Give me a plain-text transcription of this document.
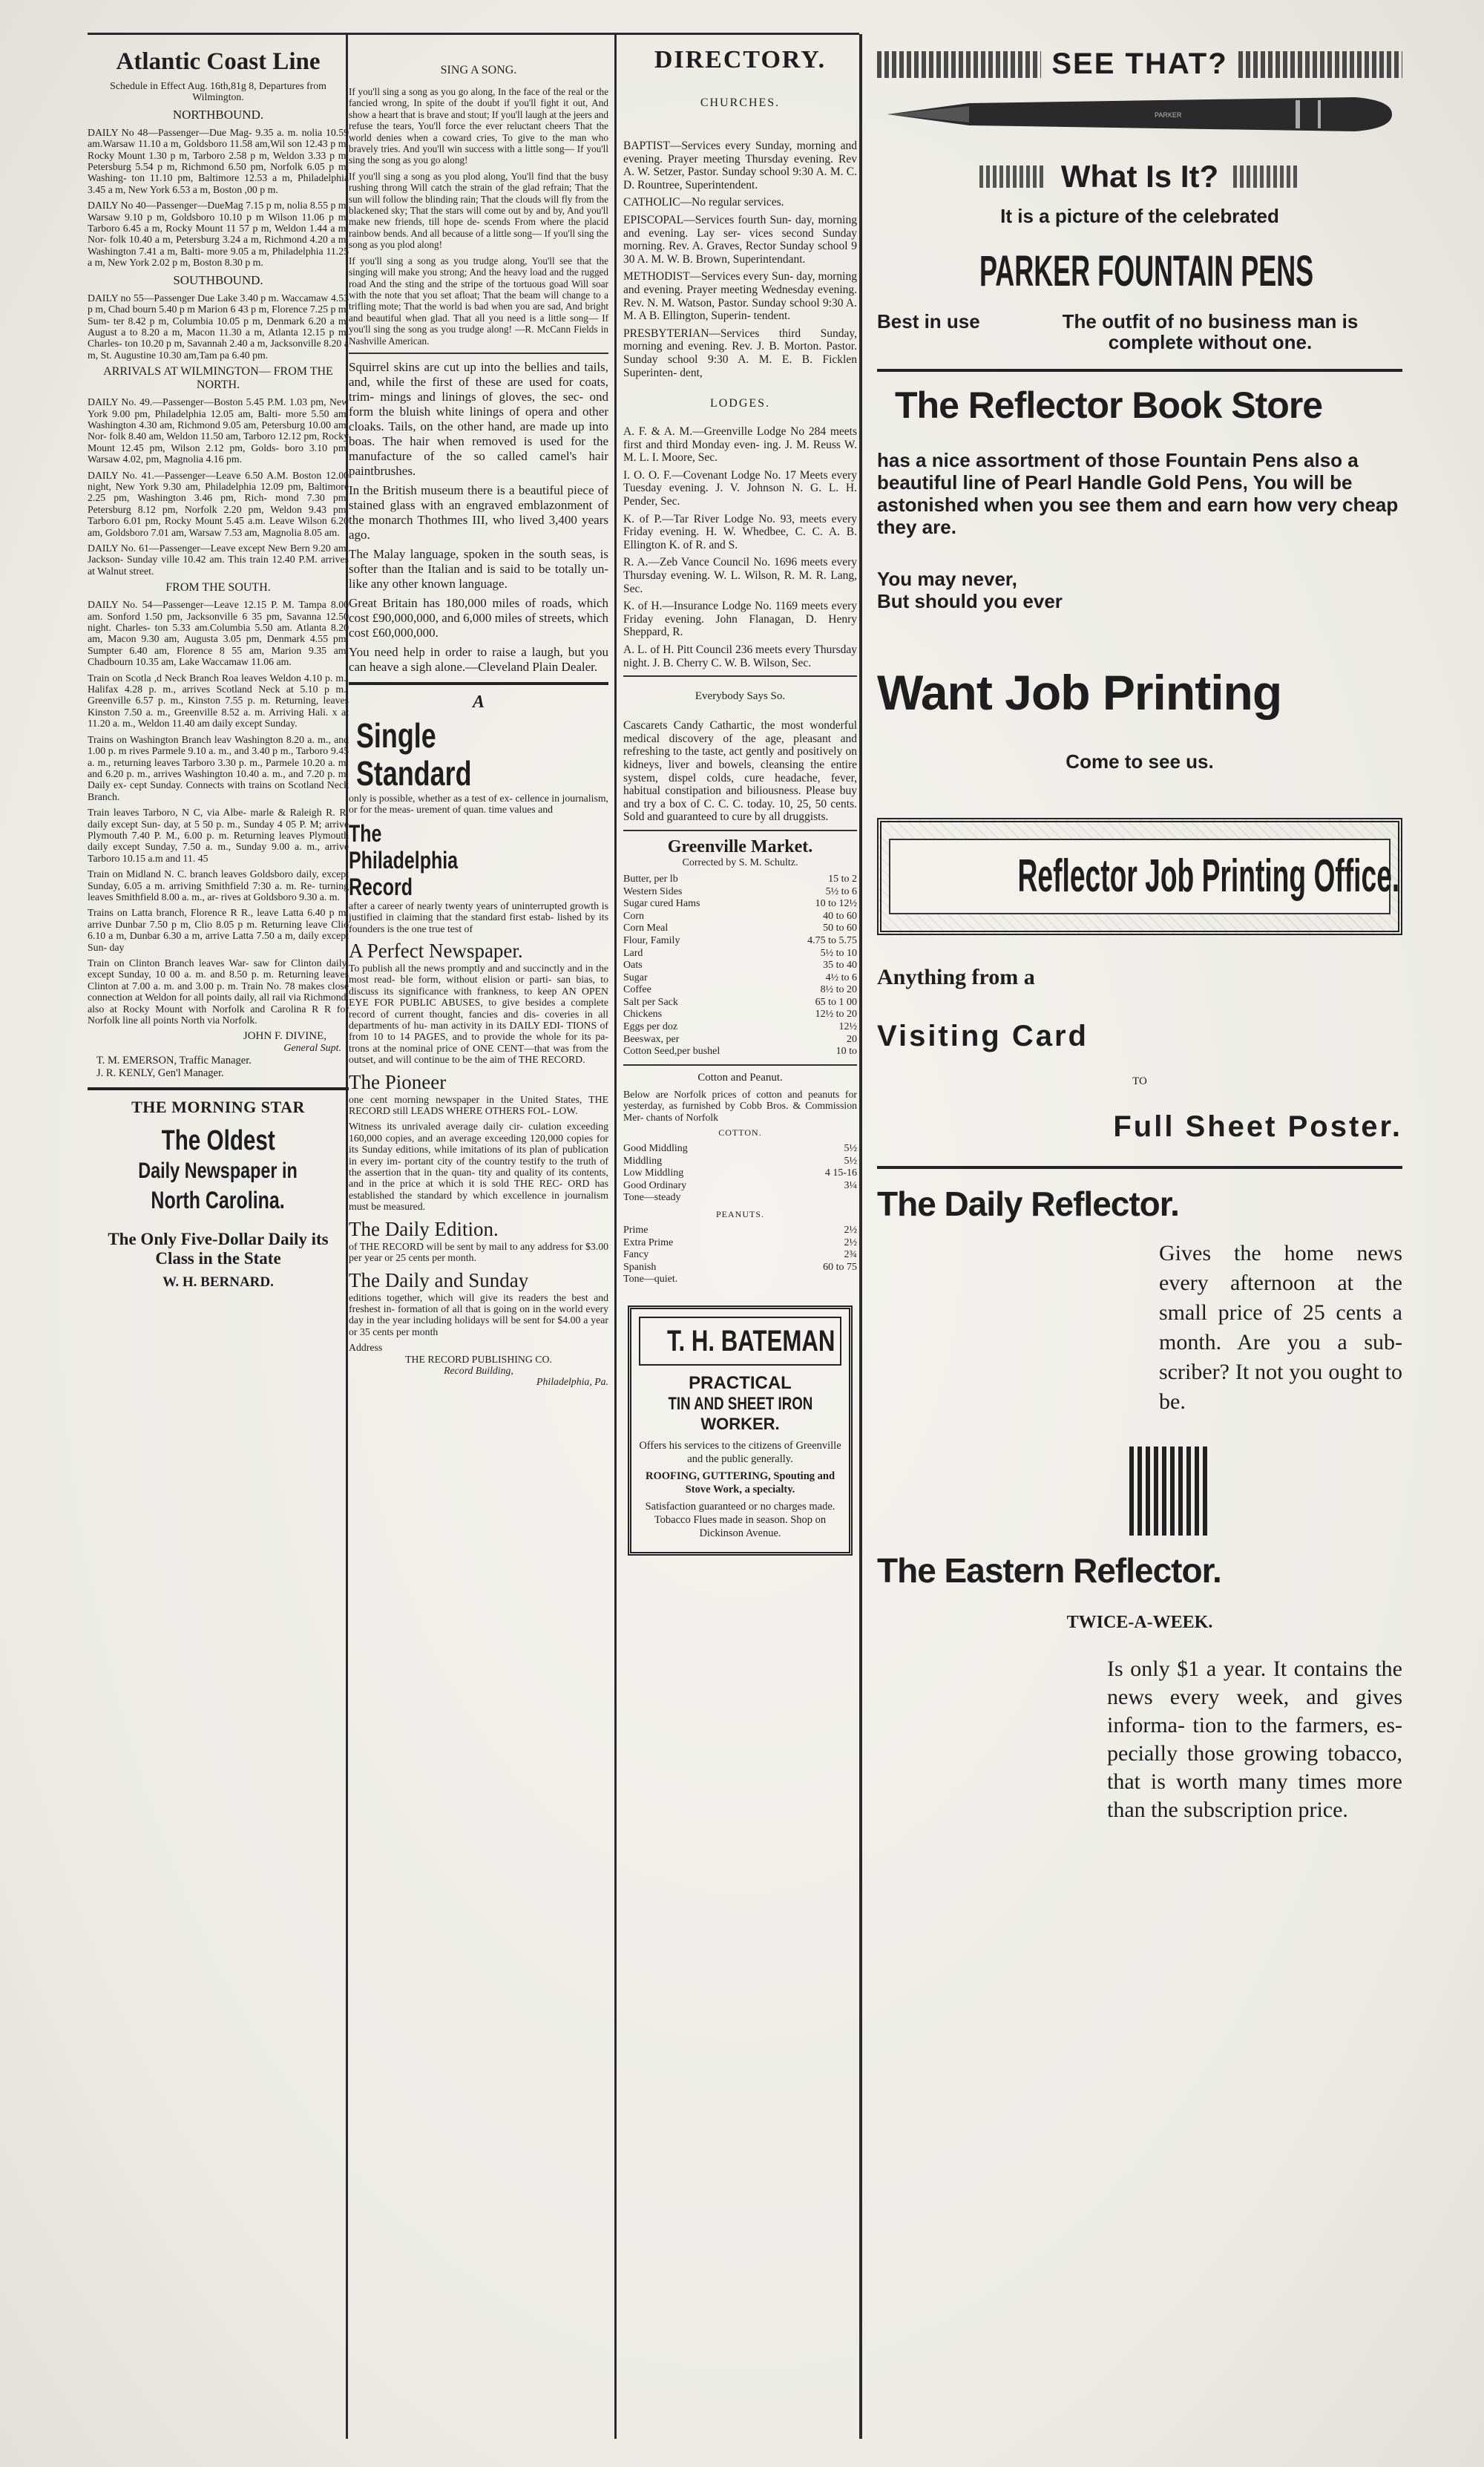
Atlantic Coast Line

Schedule in Effect Aug. 16th,81g 8, Departures from Wilmington.

NORTHBOUND.

DAILY No 48—Passenger—Due Mag- 9.35 a. m. nolia 10.59 am.Warsaw 11.10 a m, Goldsboro 11.58 am,Wil son 12.43 p m, Rocky Mount 1.30 p m, Tarboro 2.58 p m, Weldon 3.33 p m, Petersburg 5.54 p m, Richmond 6.50 pm, Norfolk 6.05 p m, Washing- ton 11.10 pm, Baltimore 12.53 a m, Philadelphia 3.45 a m, New York 6.53 a m, Boston ,00 p m.

DAILY No 40—Passenger—DueMag 7.15 p m, nolia 8.55 p m, Warsaw 9.10 p m, Goldsboro 10.10 p m Wilson 11.06 p m. Tarboro 6.45 a m, Rocky Mount 11 57 p m, Weldon 1.44 a m, Nor- folk 10.40 a m, Petersburg 3.24 a m, Richmond 4.20 a m, Washington 7.41 a m, Balti- more 9.05 a m, Philadelphia 11.25 a m, New York 2.02 p m, Boston 8.30 p m.

SOUTHBOUND.

DAILY no 55—Passenger Due Lake 3.40 p m. Waccamaw 4.53 p m, Chad bourn 5.40 p m Marion 6 43 p m, Florence 7.25 p m, Sum- ter 8.42 p m, Columbia 10.05 p m, Denmark 6.20 a m, August a to 8.20 a m, Macon 11.30 a m, Atlanta 12.15 p m, Charles- ton 10.20 p m, Savannah 2.40 a m, Jacksonville 8.20 a m, St. Augustine 10.30 am,Tam pa 6.40 pm.

ARRIVALS AT WILMINGTON— FROM THE NORTH.

DAILY No. 49.—Passenger—Boston 5.45 P.M. 1.03 pm, New York 9.00 pm, Philadelphia 12.05 am, Balti- more 5.50 am, Washington 4.30 am, Richmond 9.05 am, Petersburg 10.00 am, Nor- folk 8.40 am, Weldon 11.50 am, Tarboro 12.12 pm, Rocky Mount 12.45 pm, Wilson 2.12 pm, Golds- boro 3.10 pm, Warsaw 4.02, pm, Magnolia 4.16 pm.

DAILY No. 41.—Passenger—Leave 6.50 A.M. Boston 12.00 night, New York 9.30 am, Philadelphia 12.09 pm, Baltimore 2.25 pm, Washington 3.46 pm, Rich- mond 7.30 pm, Petersburg 8.12 pm, Norfolk 2.20 pm, Weldon 9.43 pm, Tarboro 6.01 pm, Rocky Mount 5.45 a.m. Leave Wilson 6.20 am, Goldsboro 7.01 am, Warsaw 7.53 am, Magnolia 8.05 am.

DAILY No. 61—Passenger—Leave except New Bern 9.20 am. Jackson- Sunday ville 10.42 am. This train 12.40 P.M. arrives at Walnut street.

FROM THE SOUTH.

DAILY No. 54—Passenger—Leave 12.15 P. M. Tampa 8.00 am. Sonford 1.50 pm, Jacksonville 6 35 pm, Savanna 12.50 night. Charles- ton 5.33 am.Columbia 5.50 am. Atlanta 8.20 am, Macon 9.30 am, Augusta 3.05 pm, Denmark 4.55 pm, Sumpter 6.40 am, Florence 8 55 am, Marion 9.35 am, Chadbourn 10.35 am, Lake Waccamaw 11.06 am.

Train on Scotla ,d Neck Branch Roa leaves Weldon 4.10 p. m., Halifax 4.28 p. m., arrives Scotland Neck at 5.10 p m., Greenville 6.57 p. m., Kinston 7.55 p. m. Returning, leaves Kinston 7.50 a. m., Greenville 8.52 a. m. Arriving Hali. x at 11.20 a. m., Weldon 11.40 am daily except Sunday.

Trains on Washington Branch leav Washington 8.20 a. m., and 1.00 p. m rives Parmele 9.10 a. m., and 3.40 p m., Tarboro 9.45 a. m., returning leaves Tarboro 3.30 p. m., Parmele 10.20 a. m. and 6.20 p. m., arrives Washington 10.40 a. m., and 7.20 p. m. Daily ex- cept Sunday. Connects with trains on Scotland Neck Branch.

Train leaves Tarboro, N C, via Albe- marle & Raleigh R. R. daily except Sun- day, at 5 50 p. m., Sunday 4 05 P. M; arrive Plymouth 7.40 P. M., 6.00 p. m. Returning leaves Plymouth daily except Sunday, 7.50 a. m., Sunday 9.00 a. m., arrive Tarboro 10.15 a.m and 11. 45

Train on Midland N. C. branch leaves Goldsboro daily, except Sunday, 6.05 a m. arriving Smithfield 7:30 a. m. Re- turning leaves Smithfield 8.00 a. m., ar- rives at Goldsboro 9.30 a. m.

Trains on Latta branch, Florence R R., leave Latta 6.40 p m. arrive Dunbar 7.50 p m, Clio 8.05 p m. Returning leave Clio 6.10 a m, Dunbar 6.30 a m, arrive Latta 7.50 a m, daily except Sun- day

Train on Clinton Branch leaves War- saw for Clinton daily, except Sunday, 10 00 a. m. and 8.50 p. m. Returning leaves Clinton at 7.00 a. m. and 3.00 p. m. Train No. 78 makes close connection at Weldon for all points daily, all rail via Richmond, also at Rocky Mount with Norfolk and Carolina R R for Norfolk line all points North via Norfolk.

JOHN F. DIVINE,
General Supt.
T. M. EMERSON, Traffic Manager.
J. R. KENLY, Gen'l Manager.
THE MORNING STAR
The Oldest
Daily Newspaper in
North Carolina.
The Only Five-Dollar Daily its Class in the State
W. H. BERNARD.
SING A SONG.

If you'll sing a song as you go along, In the face of the real or the fancied wrong, In spite of the doubt if you'll fight it out, And show a heart that is brave and stout; If you'll laugh at the jeers and refuse the tears, You'll force the ever reluctant cheers That the world denies when a coward cries, To give to the man who bravely tries. And you'll win success with a little song— If you'll sing the song as you go along!

If you'll sing a song as you plod along, You'll find that the busy rushing throng Will catch the strain of the glad refrain; That the sun will follow the blinding rain; That the clouds will fly from the blackened sky; That the stars will come out by and by, And you'll make new friends, till hope de- scends From where the placid rainbow bends. And all because of a little song— If you'll sing the song as you plod along!

If you'll sing a song as you trudge along, You'll see that the singing will make you strong; And the heavy load and the rugged road And the sting and the stripe of the tortuous goad Will soar with the note that you set afloat; That the beam will change to a trifling mote; That the world is bad when you are sad, And bright and beautiful when glad. That all you need is a little song— If you'll sing the song as you trudge along! —R. McCann Fields in Nashville American.

Squirrel skins are cut up into the bellies and tails, and, while the first of these are used for coats, trim- mings and linings of gloves, the sec- ond form the bluish white linings of opera and other cloaks. Tails, on the other hand, are made up into boas. The hair when removed is used for the manufacture of the so called camel's hair paintbrushes.

In the British museum there is a beautiful piece of stained glass with an engraved emblazonment of the monarch Thothmes III, who lived 3,400 years ago.

The Malay language, spoken in the south seas, is softer than the Italian and is said to be totally un- like any other known language.

Great Britain has 180,000 miles of roads, which cost £90,000,000, and 6,000 miles of streets, which cost £60,000,000.

You need help in order to raise a laugh, but you can heave a sigh alone.—Cleveland Plain Dealer.

A
Single
Standard

only is possible, whether as a test of ex- cellence in journalism, or for the meas- urement of quan. time values and

The
Philadelphia
Record

after a career of nearly twenty years of uninterrupted growth is justified in claiming that the standard first estab- lished by its founders is the one true test of

A Perfect Newspaper.

To publish all the news promptly and and succinctly and in the most read- ble form, without elision or parti- san bias, to discuss its significance with frankness, to keep AN OPEN EYE FOR PUBLIC ABUSES, to give besides a complete record of current thought, fancies and dis- coveries in all departments of hu- man activity in its DAILY EDI- TIONS of from 10 to 14 PAGES, and to provide the whole for its pa- trons at the nominal price of ONE CENT—that was from the outset, and will continue to be the aim of THE RECORD.

The Pioneer

one cent morning newspaper in the United States, THE RECORD still LEADS WHERE OTHERS FOL- LOW.

Witness its unrivaled average daily cir- culation exceeding 160,000 copies, and an average exceeding 120,000 copies for its Sunday editions, while imitations of its plan of publication in every im- portant city of the country testify to the truth of the assertion that in the quan- tity and quality of its contents, and in the price at which it is sold THE REC- ORD has established the standard by which excellence in journalism must be measured.

The Daily Edition.

of THE RECORD will be sent by mail to any address for $3.00 per year or 25 cents per month.

The Daily and Sunday

editions together, which will give its readers the best and freshest in- formation of all that is going on in the world every day in the year including holidays will be sent for $4.00 a year or 35 cents per month

Address
THE RECORD PUBLISHING CO.
Record Building,
Philadelphia, Pa.
DIRECTORY.
CHURCHES.

BAPTIST—Services every Sunday, morning and evening. Prayer meeting Thursday evening. Rev A. W. Setzer, Pastor. Sunday school 9:30 A. M. C. D. Rountree, Superintendent.

CATHOLIC—No regular services.

EPISCOPAL—Services fourth Sun- day, morning and evening. Lay ser- vices second Sunday morning. Rev. A. Graves, Rector Sunday school 9 30 A. M. W. B. Brown, Superintendant.

METHODIST—Services every Sun- day, morning and evening. Prayer meeting Wednesday evening. Rev. N. M. Watson, Pastor. Sunday school 9:30 A. M. A B. Ellington, Superin- tendent.

PRESBYTERIAN—Services third Sunday, morning and evening. Rev. J. B. Morton. Pastor. Sunday school 9:30 A. M. E. B. Ficklen Superinten- dent,

LODGES.

A. F. & A. M.—Greenville Lodge No 284 meets first and third Monday even- ing. J. M. Reuss W. M. L. I. Moore, Sec.

I. O. O. F.—Covenant Lodge No. 17 Meets every Tuesday evening. J. V. Johnson N. G. L. H. Pender, Sec.

K. of P.—Tar River Lodge No. 93, meets every Friday evening. H. W. Whedbee, C. C. A. B. Ellington K. of R. and S.

R. A.—Zeb Vance Council No. 1696 meets every Thursday evening. W. L. Wilson, R. M. R. Lang, Sec.

K. of H.—Insurance Lodge No. 1169 meets every Friday evening. John Flanagan, D. Henry Sheppard, R.

A. L. of H. Pitt Council 236 meets every Thursday night. J. B. Cherry C. W. B. Wilson, Sec.

Everybody Says So.

Cascarets Candy Cathartic, the most wonderful medical discovery of the age, pleasant and refreshing to the taste, act gently and positively on kidneys, liver and bowels, cleansing the entire system, dispel colds, cure headache, fever, habitual constipation and biliousness. Please buy and try a box of C. C. C. today. 10, 25, 50 cents. Sold and guaranteed to cure by all druggists.

Greenville Market.
Corrected by S. M. Schultz.
Butter, per lb	15 to 2
Western Sides	5½ to 6
Sugar cured Hams	10 to 12½
Corn	40 to 60
Corn Meal	50 to 60
Flour, Family	4.75 to 5.75
Lard	5½ to 10
Oats	35 to 40
Sugar	4½ to 6
Coffee	8½ to 20
Salt per Sack	65 to 1 00
Chickens	12½ to 20
Eggs per doz	12½
Beeswax, per	20
Cotton Seed,per bushel	10 to
Cotton and Peanut.

Below are Norfolk prices of cotton and peanuts for yesterday, as furnished by Cobb Bros. & Commission Mer- chants of Norfolk

COTTON.
Good Middling	5½
Middling	5½
Low Middling	4 15-16
Good Ordinary	3¼
Tone—steady	
PEANUTS.
Prime	2½
Extra Prime	2½
Fancy	2¾
Spanish	60 to 75
Tone—quiet.	
T. H. BATEMAN
PRACTICAL
TIN AND SHEET IRON
WORKER.

Offers his services to the citizens of Greenville and the public generally.

ROOFING, GUTTERING, Spouting and Stove Work, a specialty.

Satisfaction guaranteed or no charges made. Tobacco Flues made in season. Shop on Dickinson Avenue.

SEE THAT?
PARKER
What Is It?
It is a picture of the celebrated
PARKER FOUNTAIN PENS
Best in use	The outfit of no business man is complete without one.
The Reflector Book Store

has a nice assortment of those Fountain Pens also a beautiful line of Pearl Handle Gold Pens, You will be astonished when you see them and earn how very cheap they are.

You may never,
But should you ever
Want Job Printing
Come to see us.
Reflector Job Printing Office.
Anything from a
Visiting Card
TO
Full Sheet Poster.
The Daily Reflector.

Gives the home news every afternoon at the small price of 25 cents a month. Are you a sub- scriber? It not you ought to be.

The Eastern Reflector.
TWICE-A-WEEK.

Is only $1 a year. It contains the news every week, and gives informa- tion to the farmers, es- pecially those growing tobacco, that is worth many times more than the subscription price.
